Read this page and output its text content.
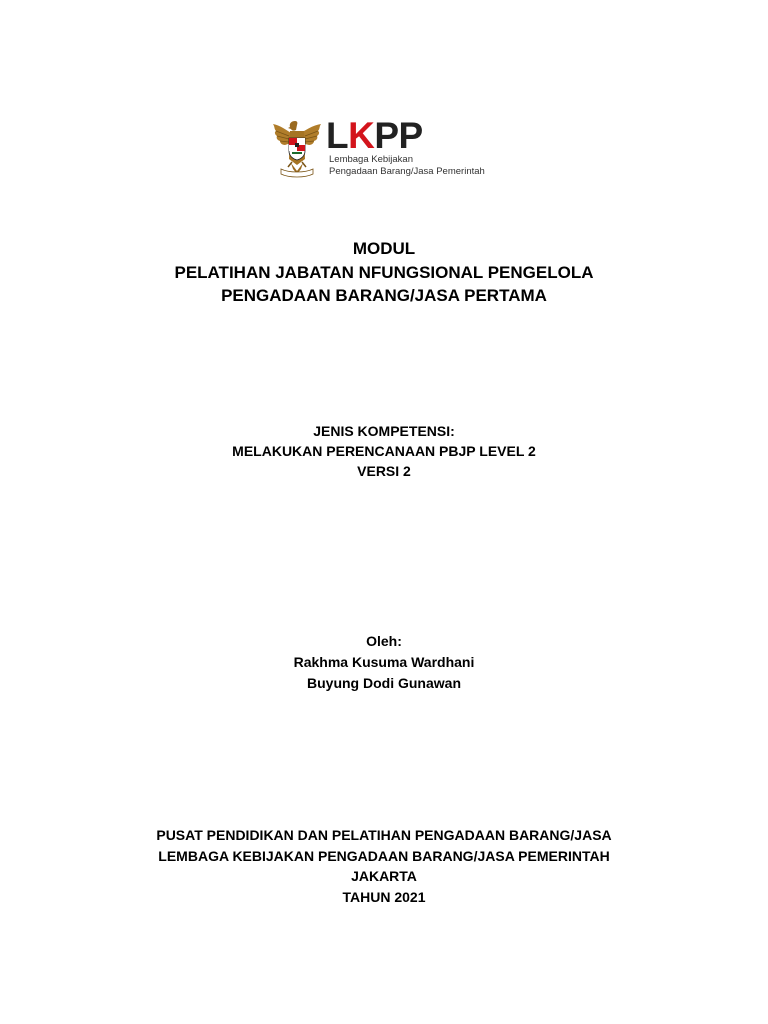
LKPP
Lembaga Kebijakan
Pengadaan Barang/Jasa Pemerintah
MODUL
PELATIHAN JABATAN NFUNGSIONAL PENGELOLA
PENGADAAN BARANG/JASA PERTAMA
JENIS KOMPETENSI:
MELAKUKAN PERENCANAAN PBJP LEVEL 2
VERSI 2
Oleh:
Rakhma Kusuma Wardhani
Buyung Dodi Gunawan
PUSAT PENDIDIKAN DAN PELATIHAN PENGADAAN BARANG/JASA
LEMBAGA KEBIJAKAN PENGADAAN BARANG/JASA PEMERINTAH
JAKARTA
TAHUN 2021
